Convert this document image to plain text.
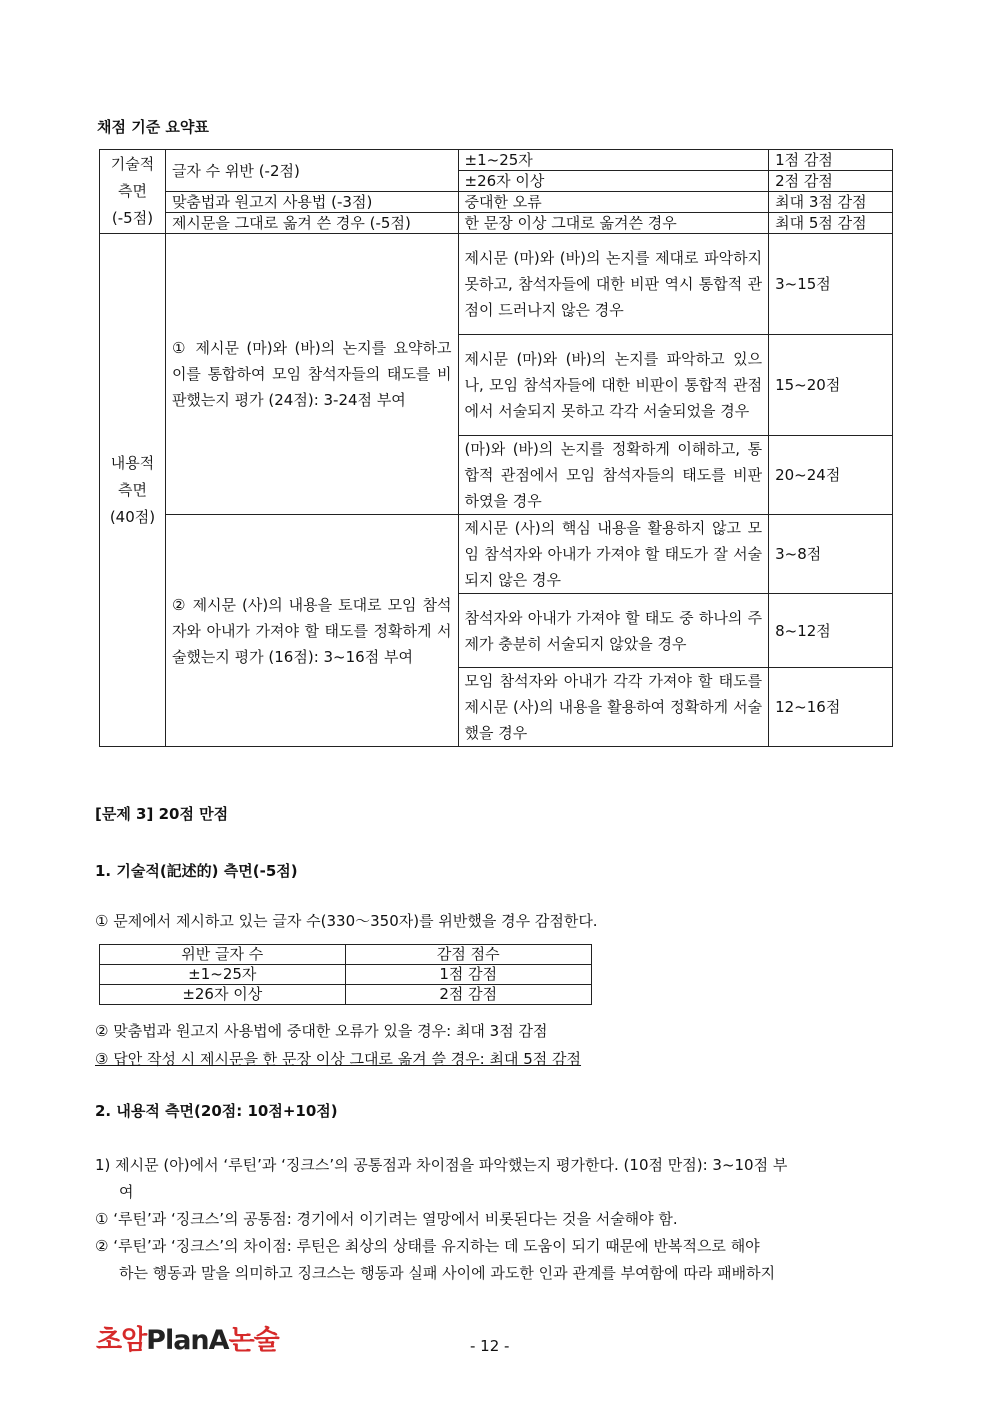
채점 기준 요약표
기술적
측면
(-5점)	글자 수 위반 (-2점)	±1~25자	1점 감점
		±26자 이상	2점 감점
	맞춤법과 원고지 사용법 (-3점)	중대한 오류	최대 3점 감점
	제시문을 그대로 옮겨 쓴 경우 (-5점)	한 문장 이상 그대로 옮겨쓴 경우	최대 5점 감점
내용적
측면
(40점)	① 제시문 (마)와 (바)의 논지를 요약하고 이를 통합하여 모임 참석자들의 태도를 비판했는지 평가 (24점): 3-24점 부여	제시문 (마)와 (바)의 논지를 제대로 파악하지 못하고, 참석자들에 대한 비판 역시 통합적 관점이 드러나지 않은 경우	3~15점
		제시문 (마)와 (바)의 논지를 파악하고 있으나, 모임 참석자들에 대한 비판이 통합적 관점에서 서술되지 못하고 각각 서술되었을 경우	15~20점
		(마)와 (바)의 논지를 정확하게 이해하고, 통합적 관점에서 모임 참석자들의 태도를 비판하였을 경우	20~24점
	② 제시문 (사)의 내용을 토대로 모임 참석자와 아내가 가져야 할 태도를 정확하게 서술했는지 평가 (16점): 3~16점 부여	제시문 (사)의 핵심 내용을 활용하지 않고 모임 참석자와 아내가 가져야 할 태도가 잘 서술되지 않은 경우	3~8점
		참석자와 아내가 가져야 할 태도 중 하나의 주제가 충분히 서술되지 않았을 경우	8~12점
		모임 참석자와 아내가 각각 가져야 할 태도를 제시문 (사)의 내용을 활용하여 정확하게 서술했을 경우	12~16점
[문제 3] 20점 만점
1. 기술적(記述的) 측면(-5점)
① 문제에서 제시하고 있는 글자 수(330～350자)를 위반했을 경우 감점한다.
위반 글자 수	감점 점수
±1~25자	1점 감점
±26자 이상	2점 감점
② 맞춤법과 원고지 사용법에 중대한 오류가 있을 경우: 최대 3점 감점
③ 답안 작성 시 제시문을 한 문장 이상 그대로 옮겨 쓸 경우: 최대 5점 감점
2. 내용적 측면(20점: 10점+10점)
1) 제시문 (아)에서 ‘루틴’과 ‘징크스’의 공통점과 차이점을 파악했는지 평가한다. (10점 만점): 3~10점 부
여
① ‘루틴’과 ‘징크스’의 공통점: 경기에서 이기려는 열망에서 비롯된다는 것을 서술해야 함.
② ‘루틴’과 ‘징크스’의 차이점: 루틴은 최상의 상태를 유지하는 데 도움이 되기 때문에 반복적으로 해야
하는 행동과 말을 의미하고 징크스는 행동과 실패 사이에 과도한 인과 관계를 부여함에 따라 패배하지
초암PlanA논술	- 12 -
